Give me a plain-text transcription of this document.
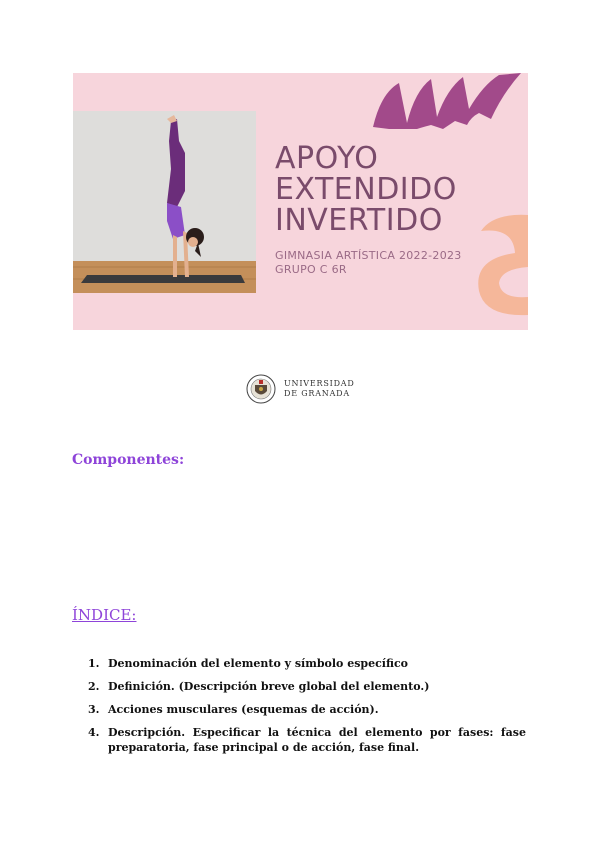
APOYO
EXTENDIDO
INVERTIDO
GIMNASIA ARTÍSTICA 2022-2023
GRUPO C 6R
UNIVERSIDAD
DE GRANADA
Componentes:
ÍNDICE:
1. Denominación del elemento y símbolo específico
2. Definición. (Descripción breve global del elemento.)
3. Acciones musculares (esquemas de acción).
4. Descripción. Especificar la técnica del elemento por fases: fase preparatoria, fase principal o de acción, fase final.
